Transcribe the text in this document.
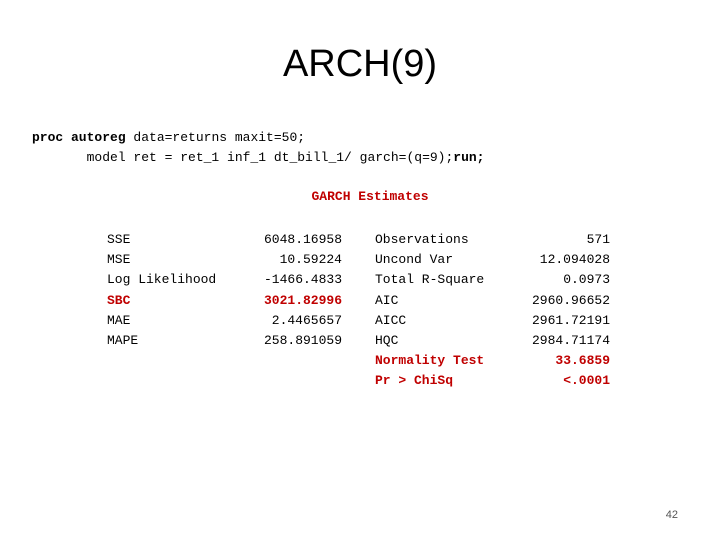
ARCH(9)
proc autoreg data=returns maxit=50;
model ret = ret_1 inf_1 dt_bill_1/ garch=(q=9);run;
GARCH Estimates
SSE
MSE
Log Likelihood
SBC
MAE
MAPE
6048.16958
10.59224
-1466.4833
3021.82996
2.4465657
258.891059
Observations
Uncond Var
Total R-Square
AIC
AICC
HQC
Normality Test
Pr > ChiSq
571
12.094028
0.0973
2960.96652
2961.72191
2984.71174
33.6859
<.0001
42
